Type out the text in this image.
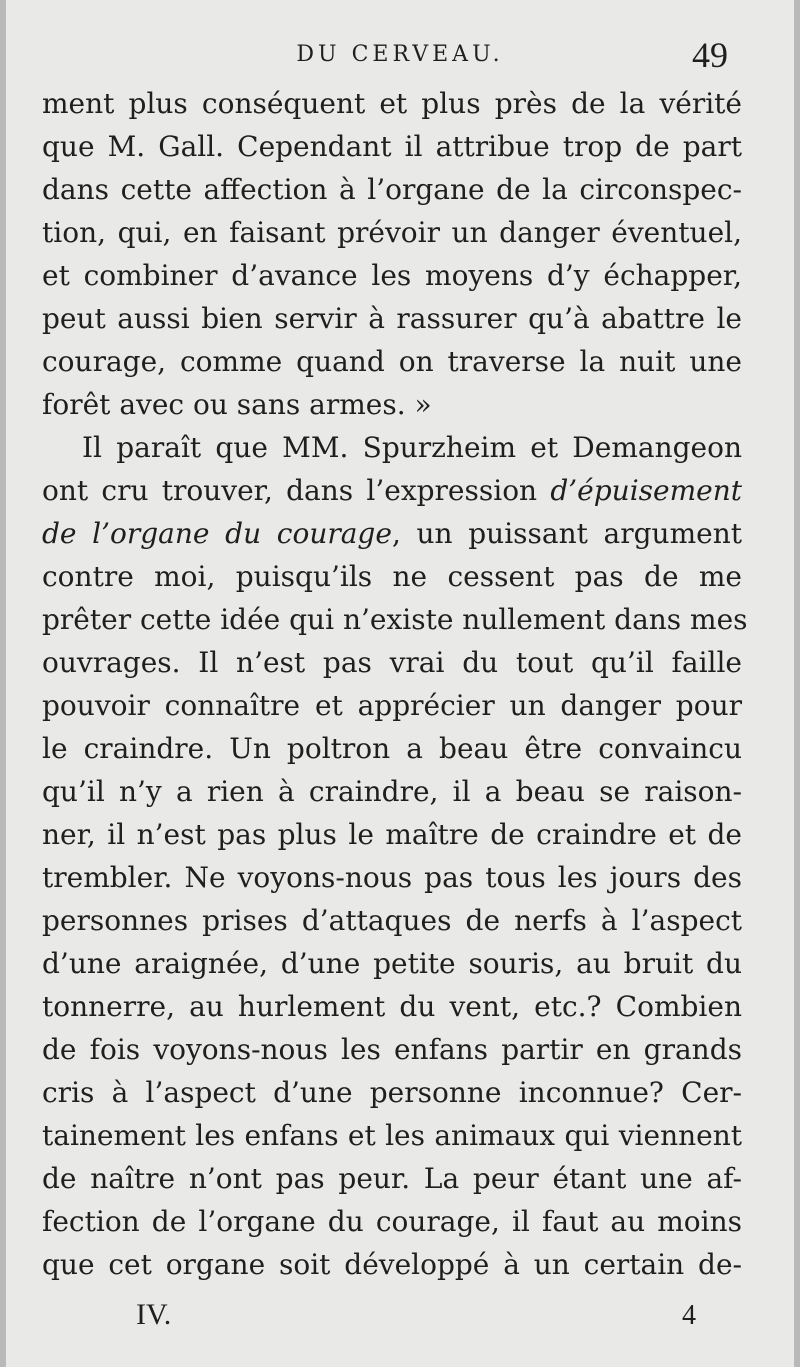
DU CERVEAU.	49
ment plus conséquent et plus près de la vérité
que M. Gall. Cependant il attribue trop de part
dans cette affection à l’organe de la circonspec-
tion, qui, en faisant prévoir un danger éventuel,
et combiner d’avance les moyens d’y échapper,
peut aussi bien servir à rassurer qu’à abattre le
courage, comme quand on traverse la nuit une
forêt avec ou sans armes. »
Il paraît que MM. Spurzheim et Demangeon
ont cru trouver, dans l’expression d’épuisement
de l’organe du courage, un puissant argument
contre moi, puisqu’ils ne cessent pas de me
prêter cette idée qui n’existe nullement dans mes
ouvrages. Il n’est pas vrai du tout qu’il faille
pouvoir connaître et apprécier un danger pour
le craindre. Un poltron a beau être convaincu
qu’il n’y a rien à craindre, il a beau se raison-
ner, il n’est pas plus le maître de craindre et de
trembler. Ne voyons-nous pas tous les jours des
personnes prises d’attaques de nerfs à l’aspect
d’une araignée, d’une petite souris, au bruit du
tonnerre, au hurlement du vent, etc.? Combien
de fois voyons-nous les enfans partir en grands
cris à l’aspect d’une personne inconnue? Cer-
tainement les enfans et les animaux qui viennent
de naître n’ont pas peur. La peur étant une af-
fection de l’organe du courage, il faut au moins
que cet organe soit développé à un certain de-
IV.	4
